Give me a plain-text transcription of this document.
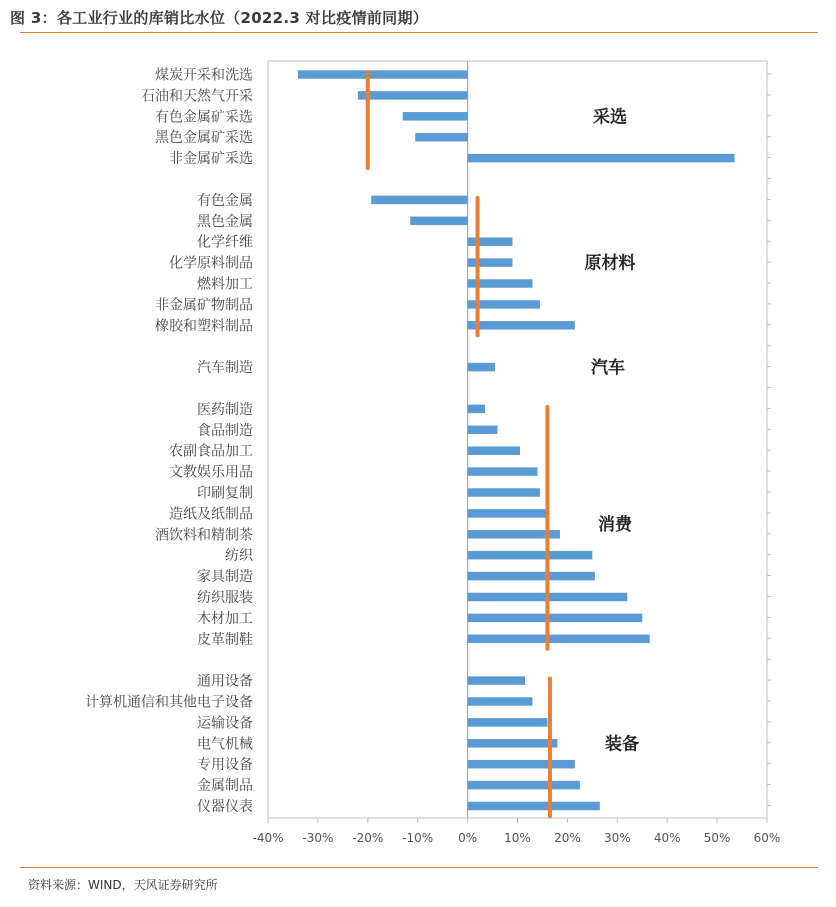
图 3：各工业行业的库销比水位（2022.3 对比疫情前同期）
-40% -30% -20% -10% 0% 10% 20% 30% 40% 50% 60%
煤炭开采和洗选
石油和天然气开采
有色金属矿采选
黑色金属矿采选
非金属矿采选
有色金属
黑色金属
化学纤维
化学原料制品
燃料加工
非金属矿物制品
橡胶和塑料制品
汽车制造
医药制造
食品制造
农副食品加工
文教娱乐用品
印刷复制
造纸及纸制品
酒饮料和精制茶
纺织
家具制造
纺织服装
木材加工
皮革制鞋
通用设备
计算机通信和其他电子设备
运输设备
电气机械
专用设备
金属制品
仪器仪表
采选
原材料
汽车
消费
装备
资料来源：WIND，天风证券研究所
